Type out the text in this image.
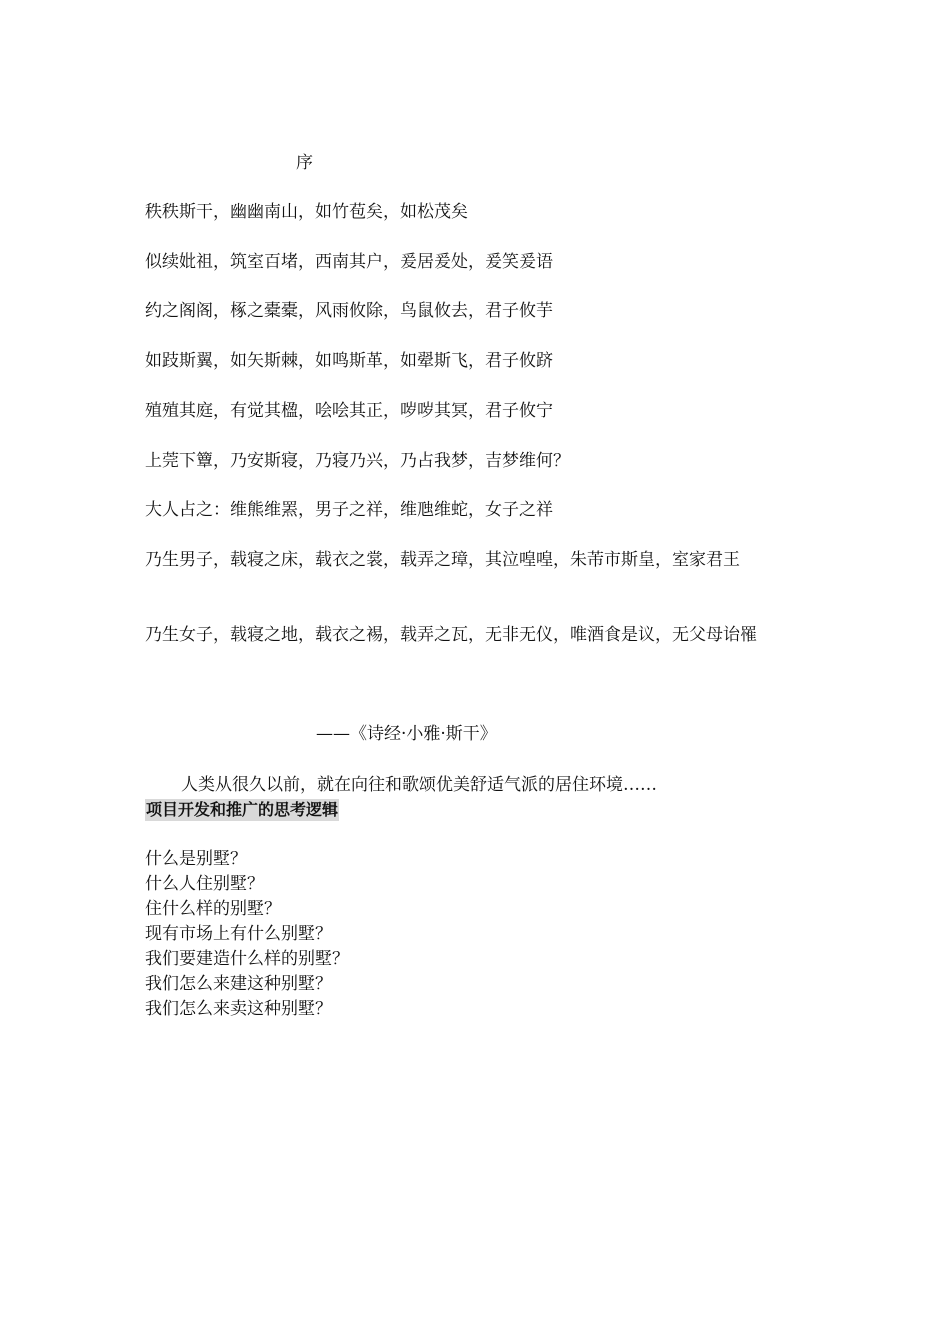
序
秩秩斯干，幽幽南山，如竹苞矣，如松茂矣
似续妣祖，筑室百堵，西南其户，爰居爰处，爰笑爰语
约之阁阁，椓之橐橐，风雨攸除，鸟鼠攸去，君子攸芋
如跂斯翼，如矢斯棘，如鸣斯革，如翚斯飞，君子攸跻
殖殖其庭，有觉其楹，哙哙其正，哕哕其冥，君子攸宁
上莞下簟，乃安斯寝，乃寝乃兴，乃占我梦，吉梦维何？
大人占之：维熊维罴，男子之祥，维虺维蛇，女子之祥
乃生男子，载寝之床，载衣之裳，载弄之璋，其泣喤喤，朱芾市斯皇，室家君王
乃生女子，载寝之地，载衣之裼，载弄之瓦，无非无仪，唯酒食是议，无父母诒罹
——《诗经·小雅·斯干》
人类从很久以前，就在向往和歌颂优美舒适气派的居住环境……
项目开发和推广的思考逻辑
什么是别墅？
什么人住别墅？
住什么样的别墅？
现有市场上有什么别墅？
我们要建造什么样的别墅？
我们怎么来建这种别墅？
我们怎么来卖这种别墅？
